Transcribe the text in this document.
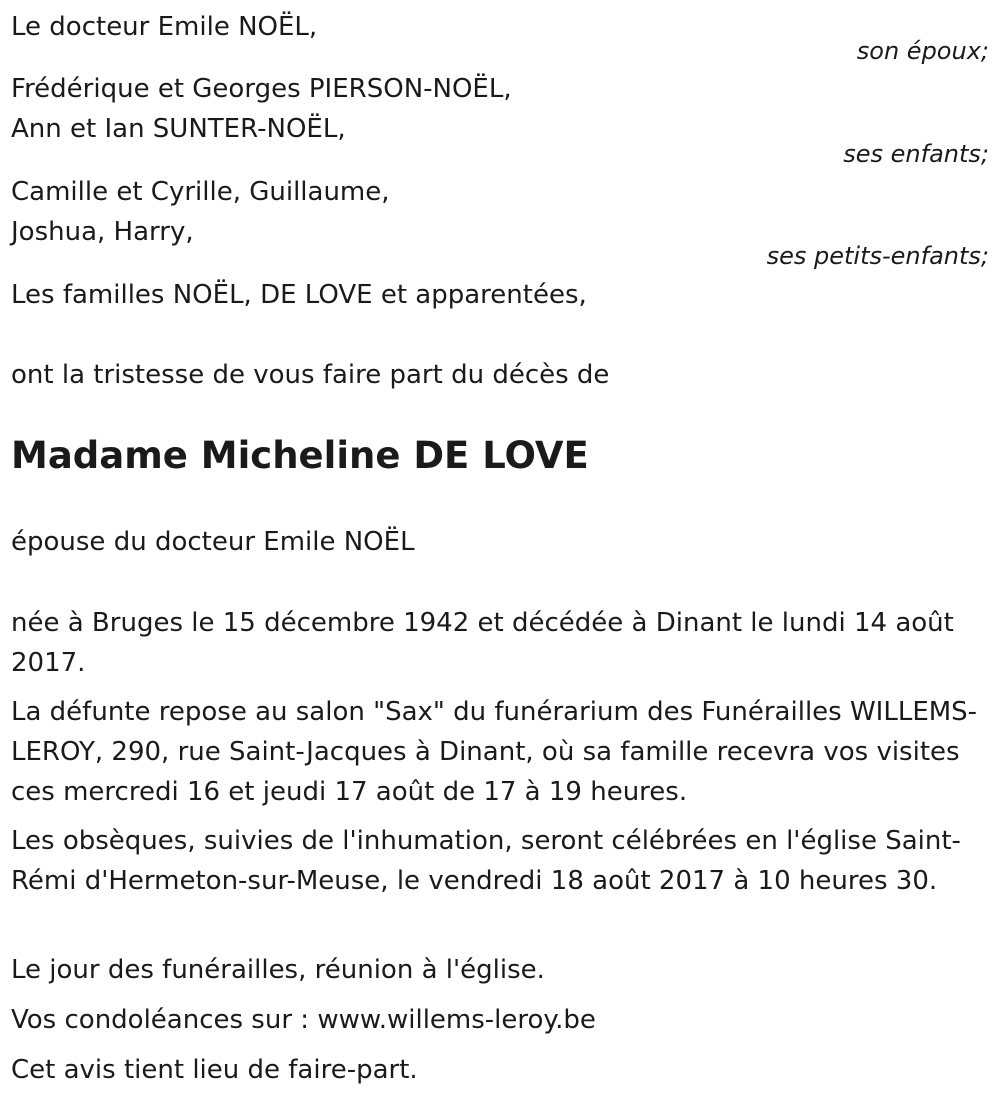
Le docteur Emile NOËL,
son époux;
Frédérique et Georges PIERSON-NOËL,
Ann et Ian SUNTER-NOËL,
ses enfants;
Camille et Cyrille, Guillaume,
Joshua, Harry,
ses petits-enfants;
Les familles NOËL, DE LOVE et apparentées,
ont la tristesse de vous faire part du décès de
Madame Micheline DE LOVE
épouse du docteur Emile NOËL
née à Bruges le 15 décembre 1942 et décédée à Dinant le lundi 14 août 2017.
La défunte repose au salon "Sax" du funérarium des Funérailles WILLEMS-LEROY, 290, rue Saint-Jacques à Dinant, où sa famille recevra vos visites ces mercredi 16 et jeudi 17 août de 17 à 19 heures.
Les obsèques, suivies de l'inhumation, seront célébrées en l'église Saint-Rémi d'Hermeton-sur-Meuse, le vendredi 18 août 2017 à 10 heures 30.
Le jour des funérailles, réunion à l'église.
Vos condoléances sur : www.willems-leroy.be
Cet avis tient lieu de faire-part.
